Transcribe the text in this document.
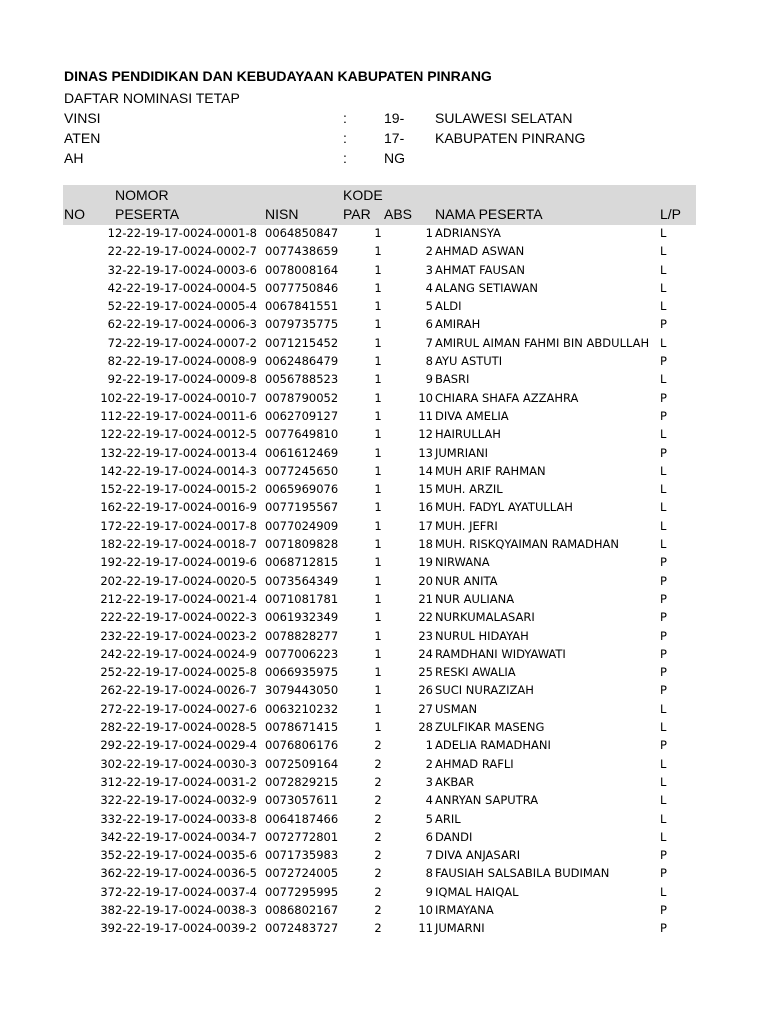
DINAS PENDIDIKAN DAN KEBUDAYAAN KABUPATEN PINRANG
DAFTAR NOMINASI TETAP
VINSI	:	19- SULAWESI SELATAN
ATEN	:	17- KABUPATEN PINRANG
AH	:	NG
NOMOR	KODE
NO PESERTA	NISN	PAR ABS NAMA PESERTA	L/P
1 2-22-19-17-0024-0001-8 0064850847	1	1 ADRIANSYA	L
2 2-22-19-17-0024-0002-7 0077438659	1	2 AHMAD ASWAN	L
3 2-22-19-17-0024-0003-6 0078008164	1	3 AHMAT FAUSAN	L
4 2-22-19-17-0024-0004-5 0077750846	1	4 ALANG SETIAWAN	L
5 2-22-19-17-0024-0005-4 0067841551	1	5 ALDI	L
6 2-22-19-17-0024-0006-3 0079735775	1	6 AMIRAH	P
7 2-22-19-17-0024-0007-2 0071215452	1	7 AMIRUL AIMAN FAHMI BIN ABDULLAH L
8 2-22-19-17-0024-0008-9 0062486479	1	8 AYU ASTUTI	P
9 2-22-19-17-0024-0009-8 0056788523	1	9 BASRI	L
10 2-22-19-17-0024-0010-7 0078790052	1	10 CHIARA SHAFA AZZAHRA	P
11 2-22-19-17-0024-0011-6 0062709127	1	11 DIVA AMELIA	P
12 2-22-19-17-0024-0012-5 0077649810	1	12 HAIRULLAH	L
13 2-22-19-17-0024-0013-4 0061612469	1	13 JUMRIANI	P
14 2-22-19-17-0024-0014-3 0077245650	1	14 MUH ARIF RAHMAN	L
15 2-22-19-17-0024-0015-2 0065969076	1	15 MUH. ARZIL	L
16 2-22-19-17-0024-0016-9 0077195567	1	16 MUH. FADYL AYATULLAH	L
17 2-22-19-17-0024-0017-8 0077024909	1	17 MUH. JEFRI	L
18 2-22-19-17-0024-0018-7 0071809828	1	18 MUH. RISKQYAIMAN RAMADHAN	L
19 2-22-19-17-0024-0019-6 0068712815	1	19 NIRWANA	P
20 2-22-19-17-0024-0020-5 0073564349	1	20 NUR ANITA	P
21 2-22-19-17-0024-0021-4 0071081781	1	21 NUR AULIANA	P
22 2-22-19-17-0024-0022-3 0061932349	1	22 NURKUMALASARI	P
23 2-22-19-17-0024-0023-2 0078828277	1	23 NURUL HIDAYAH	P
24 2-22-19-17-0024-0024-9 0077006223	1	24 RAMDHANI WIDYAWATI	P
25 2-22-19-17-0024-0025-8 0066935975	1	25 RESKI AWALIA	P
26 2-22-19-17-0024-0026-7 3079443050	1	26 SUCI NURAZIZAH	P
27 2-22-19-17-0024-0027-6 0063210232	1	27 USMAN	L
28 2-22-19-17-0024-0028-5 0078671415	1	28 ZULFIKAR MASENG	L
29 2-22-19-17-0024-0029-4 0076806176	2	1 ADELIA RAMADHANI	P
30 2-22-19-17-0024-0030-3 0072509164	2	2 AHMAD RAFLI	L
31 2-22-19-17-0024-0031-2 0072829215	2	3 AKBAR	L
32 2-22-19-17-0024-0032-9 0073057611	2	4 ANRYAN SAPUTRA	L
33 2-22-19-17-0024-0033-8 0064187466	2	5 ARIL	L
34 2-22-19-17-0024-0034-7 0072772801	2	6 DANDI	L
35 2-22-19-17-0024-0035-6 0071735983	2	7 DIVA ANJASARI	P
36 2-22-19-17-0024-0036-5 0072724005	2	8 FAUSIAH SALSABILA BUDIMAN	P
37 2-22-19-17-0024-0037-4 0077295995	2	9 IQMAL HAIQAL	L
38 2-22-19-17-0024-0038-3 0086802167	2	10 IRMAYANA	P
39 2-22-19-17-0024-0039-2 0072483727	2	11 JUMARNI	P
